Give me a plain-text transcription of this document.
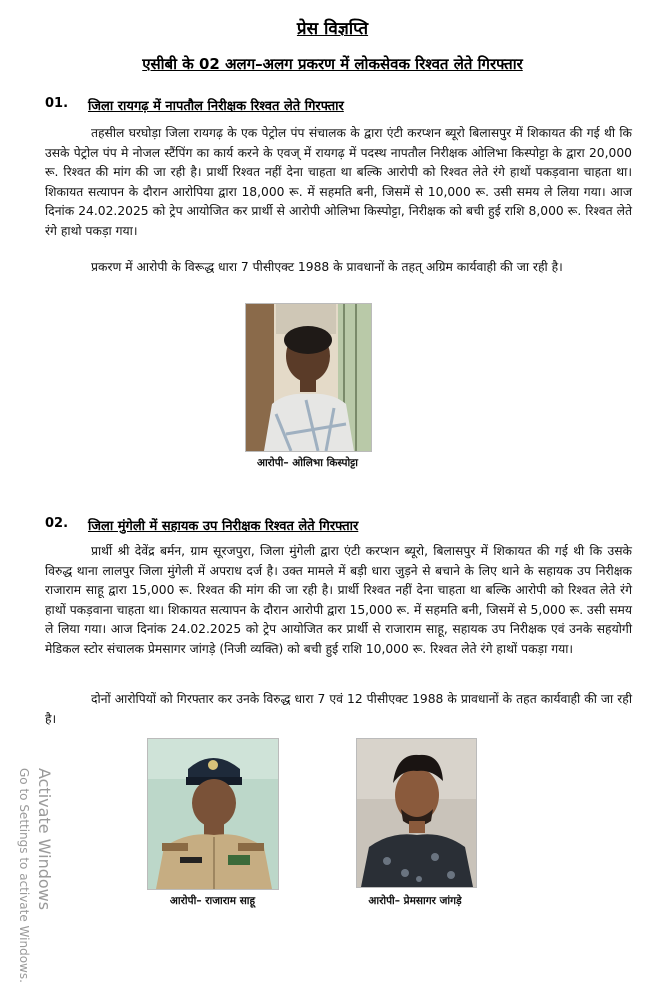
प्रेस विज्ञप्ति
एसीबी के 02 अलग–अलग प्रकरण में लोकसेवक रिश्वत लेते गिरफ्तार
01. जिला रायगढ़ में नापतौल निरीक्षक रिश्वत लेते गिरफ्तार

तहसील घरघोड़ा जिला रायगढ़ के एक पेट्रोल पंप संचालक के द्वारा एंटी करप्शन ब्यूरो बिलासपुर में शिकायत की गई थी कि उसके पेट्रोल पंप मे नोजल स्टैंपिंग का कार्य करने के एवज् में रायगढ़ में पदस्थ नापतौल निरीक्षक ओलिभा किस्पोट्टा के द्वारा 20,000 रू. रिश्वत की मांग की जा रही है। प्रार्थी रिश्वत नहीं देना चाहता था बल्कि आरोपी को रिश्वत लेते रंगे हाथों पकड़वाना चाहता था। शिकायत सत्यापन के दौरान आरोपिया द्वारा 18,000 रू. में सहमति बनी, जिसमें से 10,000 रू. उसी समय ले लिया गया। आज दिनांक 24.02.2025 को ट्रेप आयोजित कर प्रार्थी से आरोपी ओलिभा किस्पोट्टा, निरीक्षक को बची हुई राशि 8,000 रू. रिश्वत लेते रंगे हाथो पकड़ा गया।

प्रकरण में आरोपी के विरूद्ध धारा 7 पीसीएक्ट 1988 के प्रावधानों के तहत् अग्रिम कार्यवाही की जा रही है।

आरोपी– ओलिभा किस्पोट्टा
02. जिला मुंगेली में सहायक उप निरीक्षक रिश्वत लेते गिरफ्तार

प्रार्थी श्री देवेंद्र बर्मन, ग्राम सूरजपुरा, जिला मुंगेली द्वारा एंटी करप्शन ब्यूरो, बिलासपुर में शिकायत की गई थी कि उसके विरुद्ध थाना लालपुर जिला मुंगेली में अपराध दर्ज है। उक्त मामले में बड़ी धारा जुड़ने से बचाने के लिए थाने के सहायक उप निरीक्षक राजाराम साहू द्वारा 15,000 रू. रिश्वत की मांग की जा रही है। प्रार्थी रिश्वत नहीं देना चाहता था बल्कि आरोपी को रिश्वत लेते रंगे हाथों पकड़वाना चाहता था। शिकायत सत्यापन के दौरान आरोपी द्वारा 15,000 रू. में सहमति बनी, जिसमें से 5,000 रू. उसी समय ले लिया गया। आज दिनांक 24.02.2025 को ट्रेप आयोजित कर प्रार्थी से राजाराम साहू, सहायक उप निरीक्षक एवं उनके सहयोगी मेडिकल स्टोर संचालक प्रेमसागर जांगड़े (निजी व्यक्ति) को बची हुई राशि 10,000 रू. रिश्वत लेते रंगे हाथों पकड़ा गया।

दोनों आरोपियों को गिरफ्तार कर उनके विरुद्ध धारा 7 एवं 12 पीसीएक्ट 1988 के प्रावधानों के तहत कार्यवाही की जा रही है।

आरोपी– राजाराम साहू	आरोपी– प्रेमसागर जांगड़े
Activate Windows
Go to Settings to activate Windows.
